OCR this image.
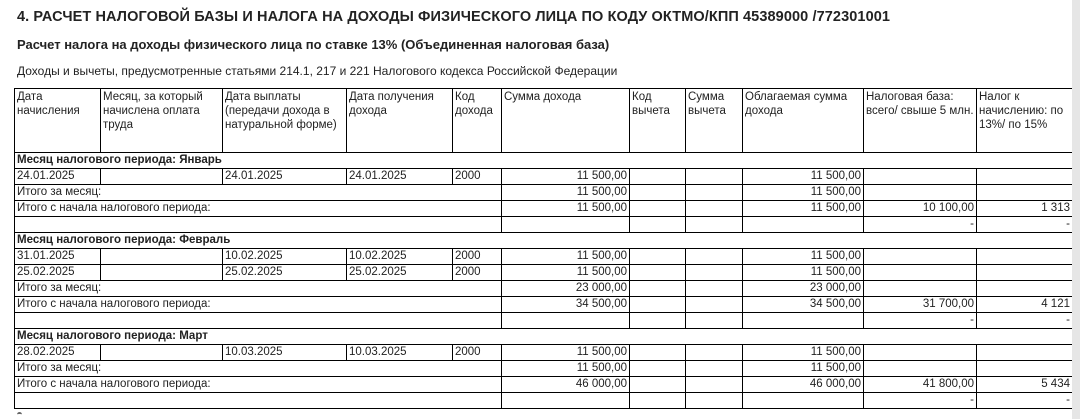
4. РАСЧЕТ НАЛОГОВОЙ БАЗЫ И НАЛОГА НА ДОХОДЫ ФИЗИЧЕСКОГО ЛИЦА ПО КОДУ ОКТМО/КПП 45389000 /772301001
Расчет налога на доходы физического лица по ставке 13% (Объединенная налоговая база)
Доходы и вычеты, предусмотренные статьями 214.1, 217 и 221 Налогового кодекса Российской Федерации
Дата начисления	Месяц, за который начислена оплата труда	Дата выплаты (передачи дохода в натуральной форме)	Дата получения дохода	Код дохода	Сумма дохода	Код вычета	Сумма вычета	Облагаемая сумма дохода	Налоговая база: всего/ свыше 5 млн.	Налог к начислению: по 13%/ по 15%
Месяц налогового периода: Январь										
24.01.2025		24.01.2025	24.01.2025	2000	11 500,00			11 500,00		
Итого за месяц:					11 500,00			11 500,00		
Итого с начала налогового периода:					11 500,00			11 500,00	10 100,00	1 313
									-	-
Месяц налогового периода: Февраль										
31.01.2025		10.02.2025	10.02.2025	2000	11 500,00			11 500,00		
25.02.2025		25.02.2025	25.02.2025	2000	11 500,00			11 500,00		
Итого за месяц:					23 000,00			23 000,00		
Итого с начала налогового периода:					34 500,00			34 500,00	31 700,00	4 121
									-	-
Месяц налогового периода: Март										
28.02.2025		10.03.2025	10.03.2025	2000	11 500,00			11 500,00		
Итого за месяц:					11 500,00			11 500,00		
Итого с начала налогового периода:					46 000,00			46 000,00	41 800,00	5 434
									-	-
